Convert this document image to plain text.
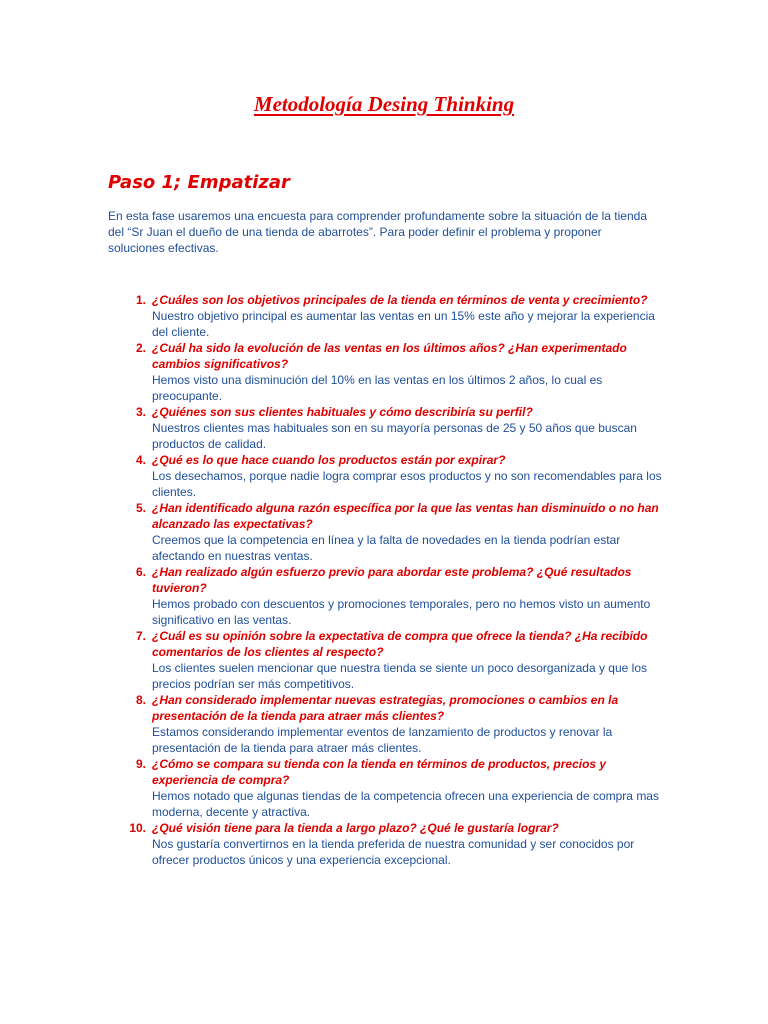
Metodología Desing Thinking
Paso 1; Empatizar
En esta fase usaremos una encuesta para comprender profundamente sobre la situación de la tienda del “Sr Juan el dueño de una tienda de abarrotes”. Para poder definir el problema y proponer soluciones efectivas.
1. ¿Cuáles son los objetivos principales de la tienda en términos de venta y crecimiento?
Nuestro objetivo principal es aumentar las ventas en un 15% este año y mejorar la experiencia del cliente.
2. ¿Cuál ha sido la evolución de las ventas en los últimos años? ¿Han experimentado cambios significativos?
Hemos visto una disminución del 10% en las ventas en los últimos 2 años, lo cual es preocupante.
3. ¿Quiénes son sus clientes habituales y cómo describiría su perfil?
Nuestros clientes mas habituales son en su mayoría personas de 25 y 50 años que buscan productos de calidad.
4. ¿Qué es lo que hace cuando los productos están por expirar?
Los desechamos, porque nadie logra comprar esos productos y no son recomendables para los clientes.
5. ¿Han identificado alguna razón específica por la que las ventas han disminuido o no han alcanzado las expectativas?
Creemos que la competencia en línea y la falta de novedades en la tienda podrían estar afectando en nuestras ventas.
6. ¿Han realizado algún esfuerzo previo para abordar este problema? ¿Qué resultados tuvieron?
Hemos probado con descuentos y promociones temporales, pero no hemos visto un aumento significativo en las ventas.
7. ¿Cuál es su opinión sobre la expectativa de compra que ofrece la tienda? ¿Ha recibido comentarios de los clientes al respecto?
Los clientes suelen mencionar que nuestra tienda se siente un poco desorganizada y que los precios podrían ser más competitivos.
8. ¿Han considerado implementar nuevas estrategias, promociones o cambios en la presentación de la tienda para atraer más clientes?
Estamos considerando implementar eventos de lanzamiento de productos y renovar la presentación de la tienda para atraer más clientes.
9. ¿Cómo se compara su tienda con la tienda en términos de productos, precios y experiencia de compra?
Hemos notado que algunas tiendas de la competencia ofrecen una experiencia de compra mas moderna, decente y atractiva.
10. ¿Qué visión tiene para la tienda a largo plazo? ¿Qué le gustaría lograr?
Nos gustaría convertirnos en la tienda preferida de nuestra comunidad y ser conocidos por ofrecer productos únicos y una experiencia excepcional.
